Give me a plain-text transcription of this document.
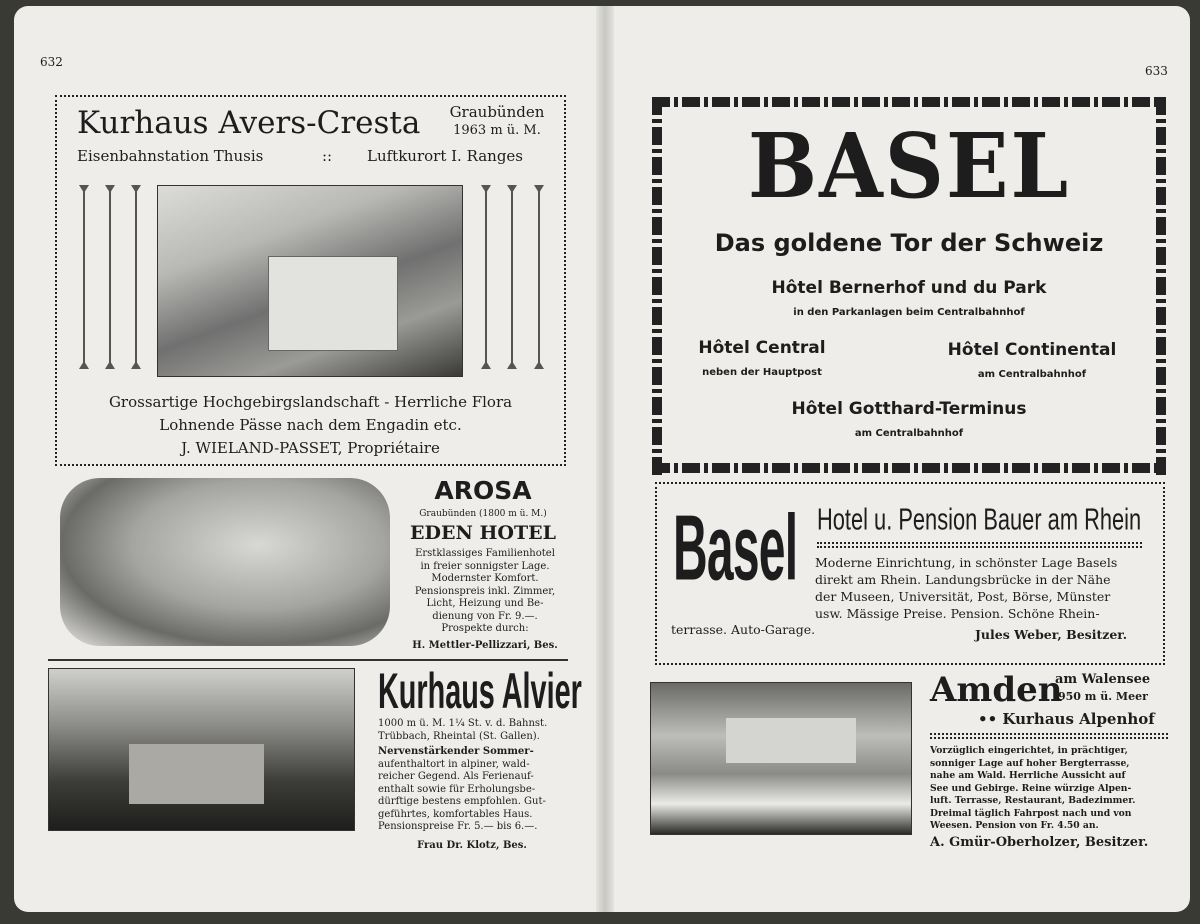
632
Kurhaus Avers-Cresta	Graubünden
1963 m ü. M.
Eisenbahnstation Thusis	:: Luftkurort I. Ranges
Grossartige Hochgebirgslandschaft - Herrliche Flora
Lohnende Pässe nach dem Engadin etc.
J. WIELAND-PASSET, Propriétaire
AROSA
Graubünden (1800 m ü. M.)
EDEN HOTEL
Erstklassiges Familienhotel
in freier sonnigster Lage.
Modernster Komfort.
Pensionspreis inkl. Zimmer,
Licht, Heizung und Be-
dienung von Fr. 9.—.
Prospekte durch:
H. Mettler-Pellizzari, Bes.
Kurhaus Alvier
1000 m ü. M. 1¼ St. v. d. Bahnst.
Trübbach, Rheintal (St. Gallen).
Nervenstärkender Sommer-
aufenthaltort in alpiner, wald-
reicher Gegend. Als Ferienauf-
enthalt sowie für Erholungsbe-
dürftige bestens empfohlen. Gut-
geführtes, komfortables Haus.
Pensionspreise Fr. 5.— bis 6.—.
Frau Dr. Klotz, Bes.
633
BASEL
Das goldene Tor der Schweiz
Hôtel Bernerhof und du Park
in den Parkanlagen beim Centralbahnhof
Hôtel Central
neben der Hauptpost
Hôtel Continental
am Centralbahnhof
Hôtel Gotthard-Terminus
am Centralbahnhof
Basel Hotel u. Pension Bauer am Rhein
Moderne Einrichtung, in schönster Lage Basels
direkt am Rhein. Landungsbrücke in der Nähe
der Museen, Universität, Post, Börse, Münster
usw. Mässige Preise. Pension. Schöne Rhein-
terrasse. Auto-Garage.	Jules Weber, Besitzer.
Amden
am Walensee
950 m ü. Meer
•• Kurhaus Alpenhof
Vorzüglich eingerichtet, in prächtiger,
sonniger Lage auf hoher Bergterrasse,
nahe am Wald. Herrliche Aussicht auf
See und Gebirge. Reine würzige Alpen-
luft. Terrasse, Restaurant, Badezimmer.
Dreimal täglich Fahrpost nach und von
Weesen. Pension von Fr. 4.50 an.
A. Gmür-Oberholzer, Besitzer.
